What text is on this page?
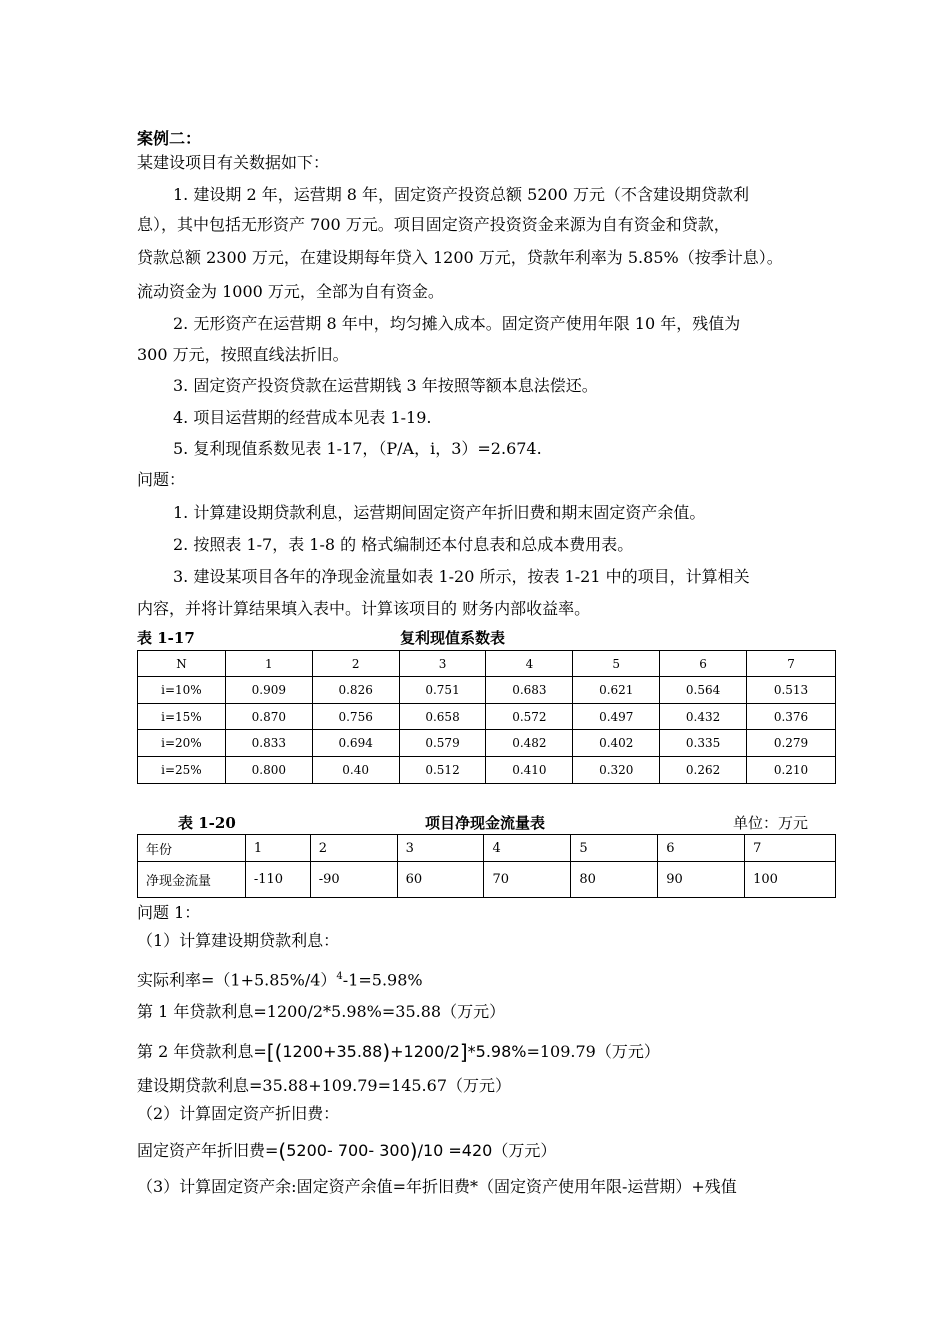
案例二：
某建设项目有关数据如下：
1. 建设期 2 年，运营期 8 年，固定资产投资总额 5200 万元（不含建设期贷款利
息），其中包括无形资产 700 万元。项目固定资产投资资金来源为自有资金和贷款，
贷款总额 2300 万元，在建设期每年贷入 1200 万元，贷款年利率为 5.85%（按季计息）。
流动资金为 1000 万元，全部为自有资金。
2. 无形资产在运营期 8 年中，均匀摊入成本。固定资产使用年限 10 年，残值为
300 万元，按照直线法折旧。
3. 固定资产投资贷款在运营期钱 3 年按照等额本息法偿还。
4. 项目运营期的经营成本见表 1-19.
5. 复利现值系数见表 1-17，（P/A，i，3）=2.674.
问题：
1. 计算建设期贷款利息，运营期间固定资产年折旧费和期末固定资产余值。
2. 按照表 1-7，表 1-8 的 格式编制还本付息表和总成本费用表。
3. 建设某项目各年的净现金流量如表 1-20 所示，按表 1-21 中的项目，计算相关
内容，并将计算结果填入表中。计算该项目的 财务内部收益率。
表 1-17	复利现值系数表
N	1	2	3	4	5	6	7
i=10%	0.909	0.826	0.751	0.683	0.621	0.564	0.513
i=15%	0.870	0.756	0.658	0.572	0.497	0.432	0.376
i=20%	0.833	0.694	0.579	0.482	0.402	0.335	0.279
i=25%	0.800	0.40	0.512	0.410	0.320	0.262	0.210
表 1-20	项目净现金流量表	单位：万元
年份	1	2	3	4	5	6	7
净现金流量	-110	-90	60	70	80	90	100
问题 1：
（1）计算建设期贷款利息：
实际利率$=(1+5.85\%/4)^4-1=5.98\%$
第 1 年贷款利息=1200/2*5.98%=35.88（万元）
第 2 年贷款利息=[(1200+35.88)+1200/2]*5.98%=109.79（万元）
建设期贷款利息=35.88+109.79=145.67（万元）
（2）计算固定资产折旧费：
固定资产年折旧费=(5200- 700- 300)/10 =420（万元）
（3）计算固定资产余:固定资产余值=年折旧费*（固定资产使用年限-运营期）+残值
